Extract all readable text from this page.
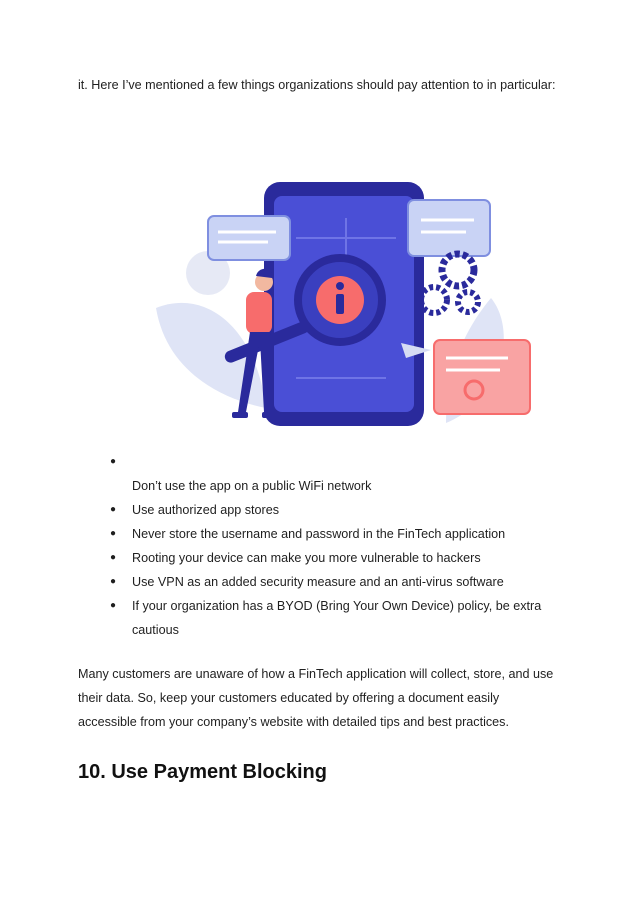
it. Here I’ve mentioned a few things organizations should pay attention to in particular:

●
Don’t use the app on a public WiFi network
● Use authorized app stores
● Never store the username and password in the FinTech application
● Rooting your device can make you more vulnerable to hackers
● Use VPN as an added security measure and an anti-virus software
● If your organization has a BYOD (Bring Your Own Device) policy, be extra cautious

Many customers are unaware of how a FinTech application will collect, store, and use their data. So, keep your customers educated by offering a document easily accessible from your company’s website with detailed tips and best practices.

10. Use Payment Blocking
